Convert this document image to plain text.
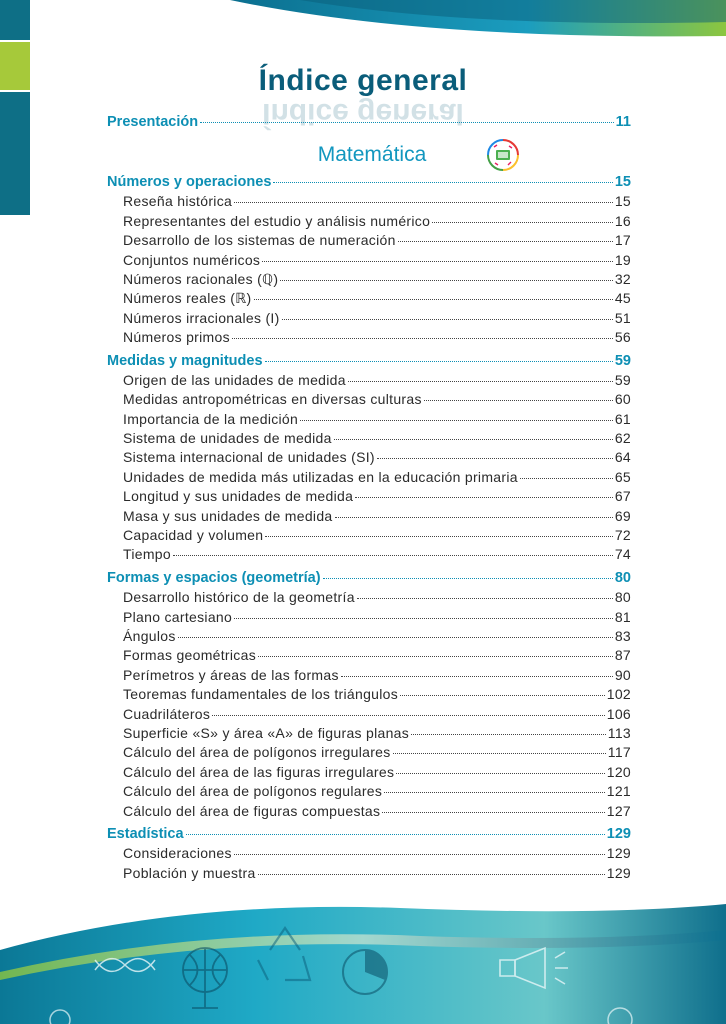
Índice general
Índice general
Presentación	11
Matemática
Números y operaciones	15
Reseña histórica	15
Representantes del estudio y análisis numérico	16
Desarrollo de los sistemas de numeración	17
Conjuntos numéricos	19
Números racionales (ℚ)	32
Números reales (ℝ)	45
Números irracionales (I)	51
Números primos	56
Medidas y magnitudes	59
Origen de las unidades de medida	59
Medidas antropométricas en diversas culturas	60
Importancia de la medición	61
Sistema de unidades de medida	62
Sistema internacional de unidades (SI)	64
Unidades de medida más utilizadas en la educación primaria	65
Longitud y sus unidades de medida	67
Masa y sus unidades de medida	69
Capacidad y volumen	72
Tiempo	74
Formas y espacios (geometría)	80
Desarrollo histórico de la geometría	80
Plano cartesiano	81
Ángulos	83
Formas geométricas	87
Perímetros y áreas de las formas	90
Teoremas fundamentales de los triángulos	102
Cuadriláteros	106
Superficie «S» y área «A» de figuras planas	113
Cálculo del área de polígonos irregulares	117
Cálculo del área de las figuras irregulares	120
Cálculo del área de polígonos regulares	121
Cálculo del área de figuras compuestas	127
Estadística	129
Consideraciones	129
Población y muestra	129
